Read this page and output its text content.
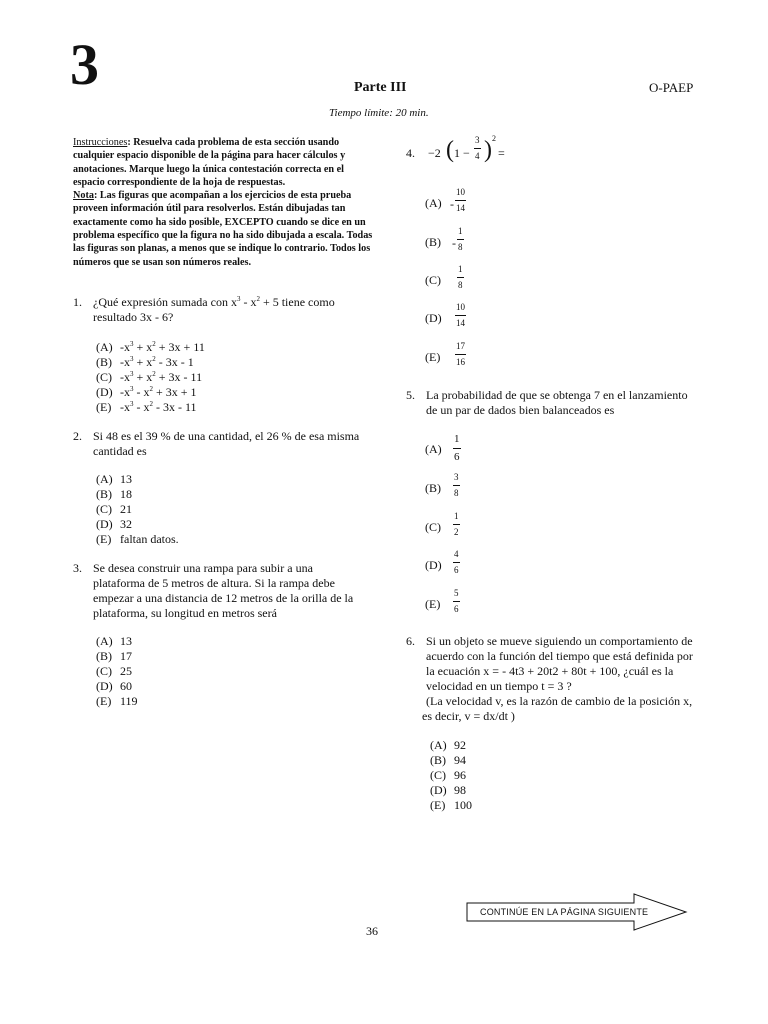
3	Parte III	O-PAEP
Tiempo límite: 20 min.
Instrucciones: Resuelva cada problema de esta sección usando cualquier espacio disponible de la página para hacer cálculos y anotaciones. Marque luego la única contestación correcta en el espacio correspondiente de la hoja de respuestas.
Nota: Las figuras que acompañan a los ejercicios de esta prueba proveen información útil para resolverlos. Están dibujadas tan exactamente como ha sido posible, EXCEPTO cuando se dice en un problema específico que la figura no ha sido dibujada a escala. Todas las figuras son planas, a menos que se indique lo contrario. Todos los números que se usan son números reales.
1. ¿Qué expresión sumada con $x^3 - x^2 + 5$ tiene como
resultado 3x - 6?
(A) $-x^3 + x^2 + 3x + 11$
(B) $-x^3 + x^2 - 3x - 1$
(C) $-x^3 + x^2 + 3x - 11$
(D) $-x^3 - x^2 + 3x + 1$
(E) $-x^3 - x^2 - 3x - 11$
2. Si 48 es el 39 % de una cantidad, el 26 % de esa misma
cantidad es
(A) 13
(B) 18
(C) 21
(D) 32
(E) faltan datos.
3. Se desea construir una rampa para subir a una
plataforma de 5 metros de altura. Si la rampa debe
empezar a una distancia de 12 metros de la orilla de la
plataforma, su longitud en metros será
(A) 13
(B) 17
(C) 25
(D) 60
(E) 119
4. −2 ( 1 −
3
4 ) 2
=
(A) -
10
14
(B) -
1
8
(C)
1
8
(D)
10
14
(E)
17
16
5. La probabilidad de que se obtenga 7 en el lanzamiento
de un par de dados bien balanceados es
(A)
1
6
(B)
3
8
(C)
1
2
(D)
4
6
(E)
5
6
6. Si un objeto se mueve siguiendo un comportamiento de
acuerdo con la función del tiempo que está definida por
la ecuación x = - 4t3 + 20t2 + 80t + 100, ¿cuál es la
velocidad en un tiempo t = 3 ?
(La velocidad v, es la razón de cambio de la posición x,
es decir, v = dx/dt )
(A) 92
(B) 94
(C) 96
(D) 98
(E) 100
CONTINÚE EN LA PÁGINA SIGUIENTE
36
